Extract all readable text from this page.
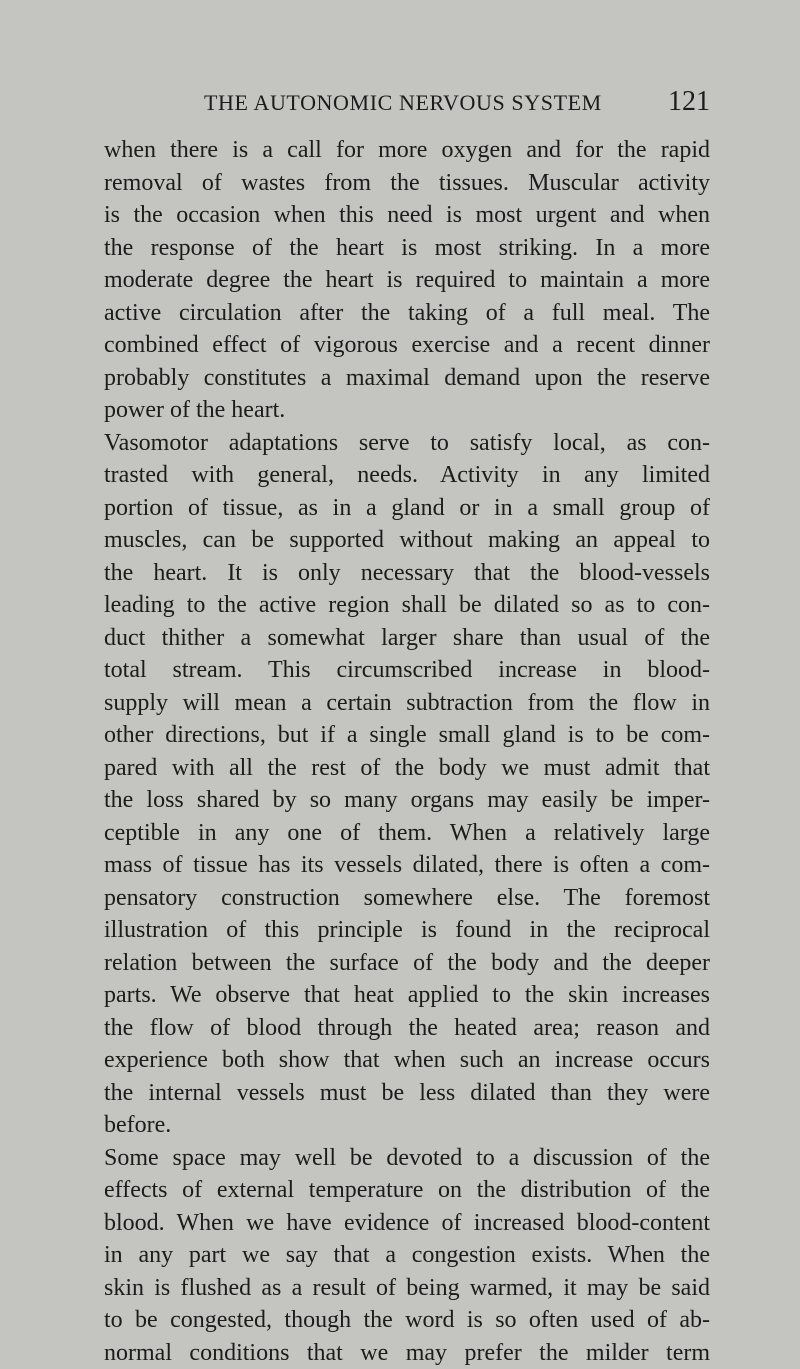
THE AUTONOMIC NERVOUS SYSTEM 121
when there is a call for more oxygen and for the rapid
removal of wastes from the tissues. Muscular activity
is the occasion when this need is most urgent and when
the response of the heart is most striking. In a more
moderate degree the heart is required to maintain a more
active circulation after the taking of a full meal. The
combined effect of vigorous exercise and a recent dinner
probably constitutes a maximal demand upon the reserve
power of the heart.
Vasomotor adaptations serve to satisfy local, as con-
trasted with general, needs. Activity in any limited
portion of tissue, as in a gland or in a small group of
muscles, can be supported without making an appeal to
the heart. It is only necessary that the blood-vessels
leading to the active region shall be dilated so as to con-
duct thither a somewhat larger share than usual of the
total stream. This circumscribed increase in blood-
supply will mean a certain subtraction from the flow in
other directions, but if a single small gland is to be com-
pared with all the rest of the body we must admit that
the loss shared by so many organs may easily be imper-
ceptible in any one of them. When a relatively large
mass of tissue has its vessels dilated, there is often a com-
pensatory construction somewhere else. The foremost
illustration of this principle is found in the reciprocal
relation between the surface of the body and the deeper
parts. We observe that heat applied to the skin increases
the flow of blood through the heated area; reason and
experience both show that when such an increase occurs
the internal vessels must be less dilated than they were
before.
Some space may well be devoted to a discussion of the
effects of external temperature on the distribution of the
blood. When we have evidence of increased blood-content
in any part we say that a congestion exists. When the
skin is flushed as a result of being warmed, it may be said
to be congested, though the word is so often used of ab-
normal conditions that we may prefer the milder term
